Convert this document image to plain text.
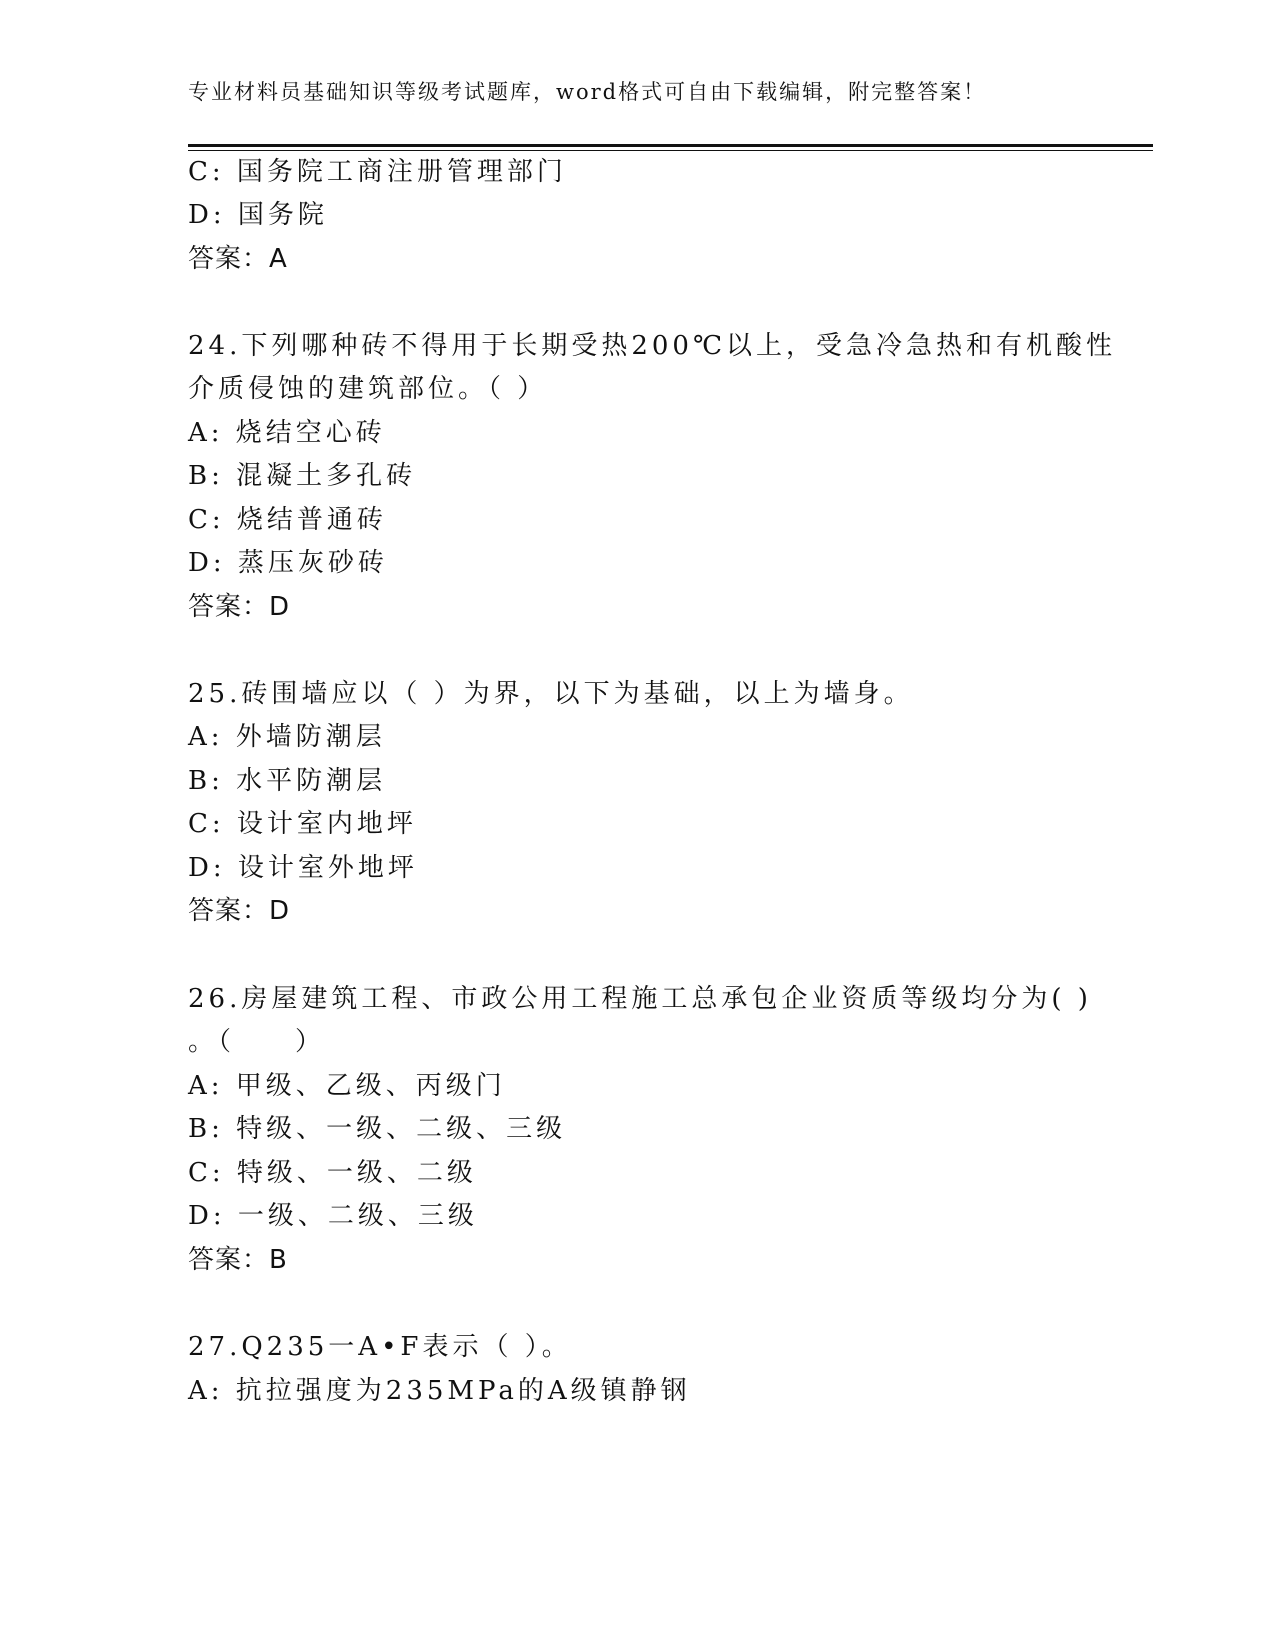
专业材料员基础知识等级考试题库，word格式可自由下载编辑，附完整答案！
C: 国务院工商注册管理部门
D: 国务院
答案：A
24.下列哪种砖不得用于长期受热200℃以上，受急冷急热和有机酸性
介质侵蚀的建筑部位。（ ）
A: 烧结空心砖
B: 混凝土多孔砖
C: 烧结普通砖
D: 蒸压灰砂砖
答案：D
25.砖围墙应以（ ）为界，以下为基础，以上为墙身。
A: 外墙防潮层
B: 水平防潮层
C: 设计室内地坪
D: 设计室外地坪
答案：D
26.房屋建筑工程、市政公用工程施工总承包企业资质等级均分为( )
。（　　）
A: 甲级、乙级、丙级门
B: 特级、一级、二级、三级
C: 特级、一级、二级
D: 一级、二级、三级
答案：B
27.Q235一A•F表示（ ）。
A: 抗拉强度为235MPa的A级镇静钢
